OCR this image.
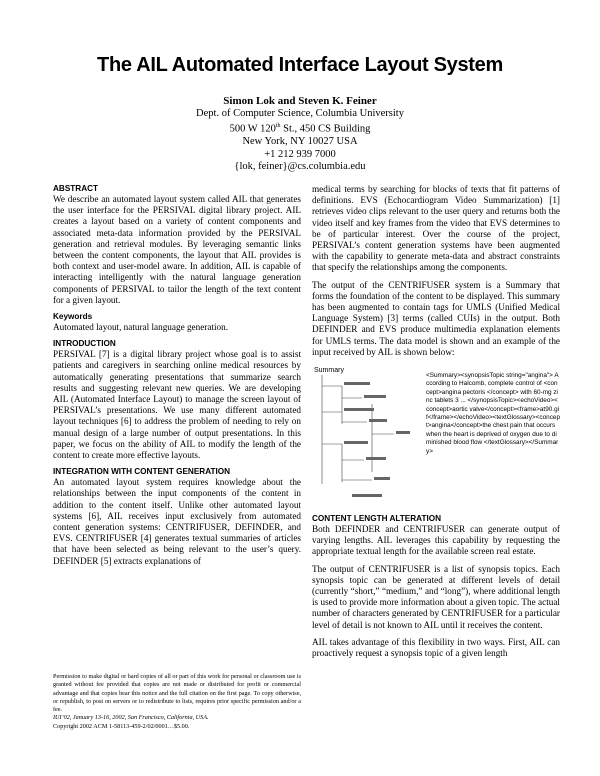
The AIL Automated Interface Layout System
Simon Lok and Steven K. Feiner
Dept. of Computer Science, Columbia University
500 W 120th St., 450 CS Building
New York, NY 10027 USA
+1 212 939 7000
{lok, feiner}@cs.columbia.edu
ABSTRACT

We describe an automated layout system called AIL that generates the user interface for the PERSIVAL digital library project. AIL creates a layout based on a variety of content components and associated meta-data information provided by the PERSIVAL generation and retrieval modules. By leveraging semantic links between the content components, the layout that AIL provides is both context and user-model aware. In addition, AIL is capable of interacting intelligently with the natural language generation components of PERSIVAL to tailor the length of the text content for a given layout.

Keywords

Automated layout, natural language generation.

INTRODUCTION

PERSIVAL [7] is a digital library project whose goal is to assist patients and caregivers in searching online medical resources by automatically generating presentations that summarize search results and suggesting relevant new queries. We are developing AIL (Automated Interface Layout) to manage the screen layout of PERSIVAL’s presentations. We use many different automated layout techniques [6] to address the problem of needing to rely on manual design of a large number of output presentations. In this paper, we focus on the ability of AIL to modify the length of the content to create more effective layouts.

INTEGRATION WITH CONTENT GENERATION

An automated layout system requires knowledge about the relationships between the input components of the content in addition to the content itself. Unlike other automated layout systems [6], AIL receives input exclusively from automated content generation systems: CENTRIFUSER, DEFINDER, and EVS. CENTRIFUSER [4] generates textual summaries of articles that have been selected as being relevant to the user’s query. DEFINDER [5] extracts explanations of

medical terms by searching for blocks of texts that fit patterns of definitions. EVS (Echocardiogram Video Summarization) [1] retrieves video clips relevant to the user query and returns both the video itself and key frames from the video that EVS determines to be of particular interest. Over the course of the project, PERSIVAL’s content generation systems have been augmented with the capability to generate meta-data and abstract constraints that specify the relationships among the components.

The output of the CENTRIFUSER system is a Summary that forms the foundation of the content to be displayed. This summary has been augmented to contain tags for UMLS (Unified Medical Language System) [3] terms (called CUIs) in the output. Both DEFINDER and EVS produce multimedia explanation elements for UMLS terms. The data model is shown and an example of the input received by AIL is shown below:

Summary
<Summary><synopsisTopic string="angina"> According to Halcomb, complete control of <concept>angina pectoris </concept> with 60-mg zinc tablets 3 ... </synopsisTopic><echoVideo><concept>aortic valve</concept><frame>at90.gif</frame></echoVideo><textGlossary><concept>angina</concept>the chest pain that occurs when the heart is deprived of oxygen due to diminished blood flow </textGlossary></Summary>
CONTENT LENGTH ALTERATION

Both DEFINDER and CENTRIFUSER can generate output of varying lengths. AIL leverages this capability by requesting the appropriate textual length for the available screen real estate.

The output of CENTRIFUSER is a list of synopsis topics. Each synopsis topic can be generated at different levels of detail (currently “short,” “medium,” and “long”), where additional length is used to provide more information about a given topic. The actual number of characters generated by CENTRIFUSER for a particular level of detail is not known to AIL until it receives the content.

AIL takes advantage of this flexibility in two ways. First, AIL can proactively request a synopsis topic of a given length

Permission to make digital or hard copies of all or part of this work for personal or classroom use is granted without fee provided that copies are not made or distributed for profit or commercial advantage and that copies bear this notice and the full citation on the first page. To copy otherwise, or republish, to post on servers or to redistribute to lists, requires prior specific permission and/or a fee.
IUI’02, January 13-16, 2002, San Francisco, California, USA.
Copyright 2002 ACM 1-58113-459-2/02/0001…$5.00.
